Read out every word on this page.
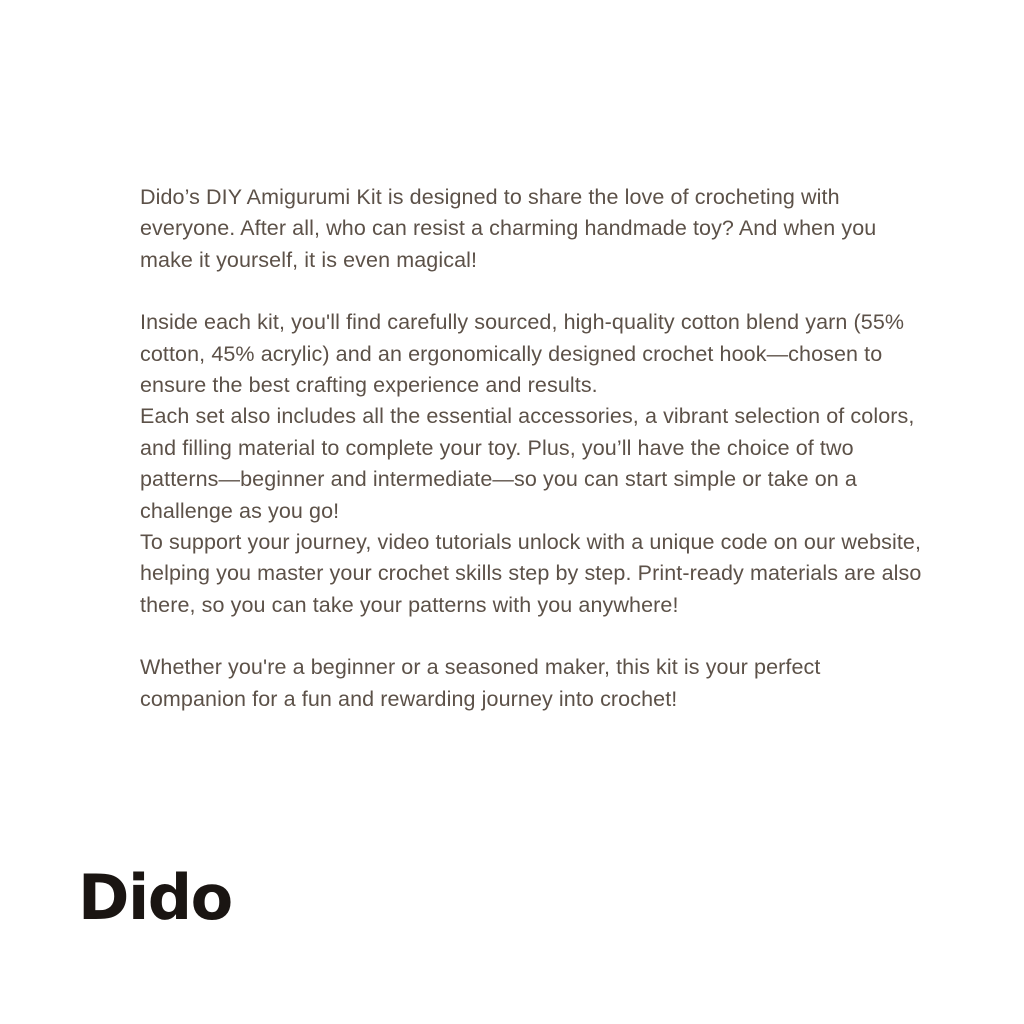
Dido’s DIY Amigurumi Kit is designed to share the love of crocheting with everyone. After all, who can resist a charming handmade toy? And when you make it yourself, it is even magical!

Inside each kit, you'll find carefully sourced, high-quality cotton blend yarn (55% cotton, 45% acrylic) and an ergonomically designed crochet hook—chosen to ensure the best crafting experience and results.

Each set also includes all the essential accessories, a vibrant selection of colors, and filling material to complete your toy. Plus, you’ll have the choice of two patterns—beginner and intermediate—so you can start simple or take on a challenge as you go!

To support your journey, video tutorials unlock with a unique code on our website, helping you master your crochet skills step by step. Print-ready materials are also there, so you can take your patterns with you anywhere!

Whether you're a beginner or a seasoned maker, this kit is your perfect companion for a fun and rewarding journey into crochet!

Dido
